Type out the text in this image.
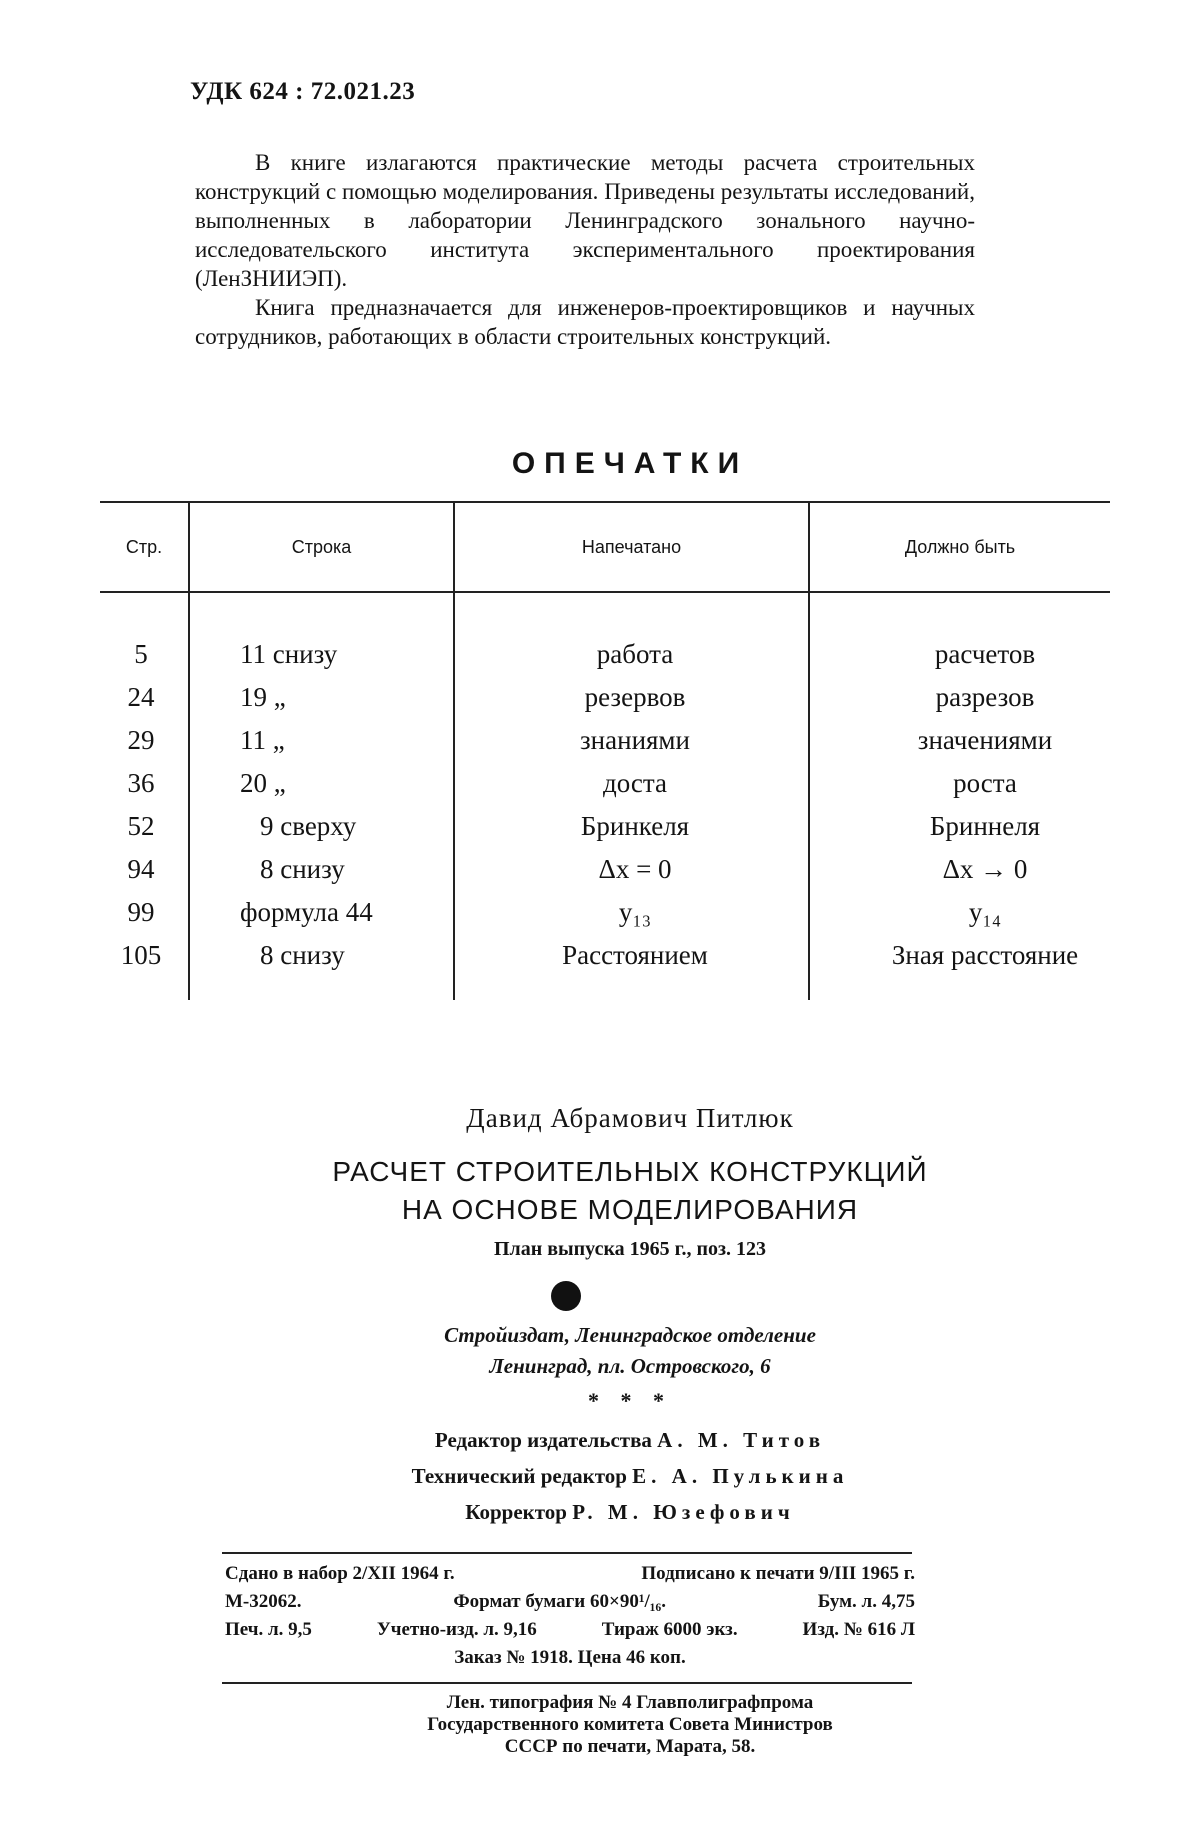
УДК 624 : 72.021.23

В книге излагаются практические методы расчета строительных конструкций с помощью моделирования. Приведены результаты исследований, выполненных в лаборатории Ленинградского зонального научно-исследовательского института экспериментального проектирования (ЛенЗНИИЭП).

Книга предназначается для инженеров-проектировщиков и научных сотрудников, работающих в области строительных конструкций.

ОПЕЧАТКИ
Стр.	Строка	Напечатано	Должно быть
5	11 снизу	работа	расчетов
24	19 „	резервов	разрезов
29	11 „	знаниями	значениями
36	20 „	доста	роста
52	9 сверху	Бринкеля	Бриннеля
94	8 снизу	Δx = 0	Δx → 0
99	формула 44	y₁₃	y₁₄
105	8 снизу	Расстоянием	Зная расстояние
Давид Абрамович Питлюк
РАСЧЕТ СТРОИТЕЛЬНЫХ КОНСТРУКЦИЙ
НА ОСНОВЕ МОДЕЛИРОВАНИЯ
План выпуска 1965 г., поз. 123
Стройиздат, Ленинградское отделение
Ленинград, пл. Островского, 6
* * *
Редактор издательства А. М. Титов
Технический редактор Е. А. Пулькина
Корректор Р. М. Юзефович
Сдано в набор 2/XII 1964 г.	Подписано к печати 9/III 1965 г.
М-32062.	Формат бумаги 60×90¹/₁₆.	Бум. л. 4,75
Печ. л. 9,5	Учетно-изд. л. 9,16	Тираж 6000 экз.	Изд. № 616 Л
Заказ № 1918. Цена 46 коп.
Лен. типография № 4 Главполиграфпрома
Государственного комитета Совета Министров
СССР по печати, Марата, 58.
